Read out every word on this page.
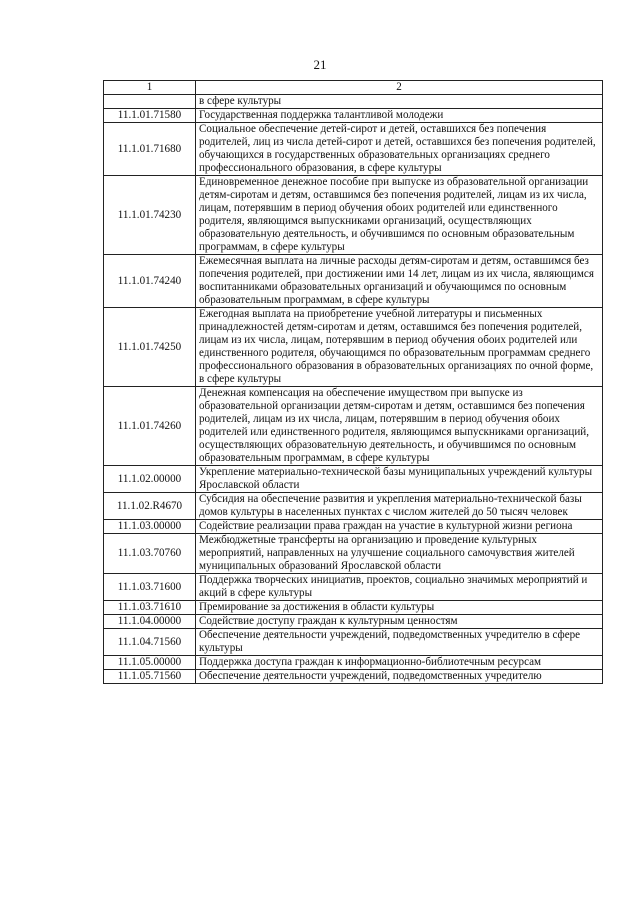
21
1	2
	в сфере культуры
11.1.01.71580	Государственная поддержка талантливой молодежи
11.1.01.71680	Социальное обеспечение детей-сирот и детей, оставшихся без попечения родителей, лиц из числа детей-сирот и детей, оставшихся без попечения родителей, обучающихся в государственных образовательных организациях среднего профессионального образования, в сфере культуры
11.1.01.74230	Единовременное денежное пособие при выпуске из образовательной организации детям-сиротам и детям, оставшимся без попечения родителей, лицам из их числа, лицам, потерявшим в период обучения обоих родителей или единственного родителя, являющимся выпускниками организаций, осуществляющих образовательную деятельность, и обучившимся по основным образовательным программам, в сфере культуры
11.1.01.74240	Ежемесячная выплата на личные расходы детям-сиротам и детям, оставшимся без попечения родителей, при достижении ими 14 лет, лицам из их числа, являющимся воспитанниками образовательных организаций и обучающимся по основным образовательным программам, в сфере культуры
11.1.01.74250	Ежегодная выплата на приобретение учебной литературы и письменных принадлежностей детям-сиротам и детям, оставшимся без попечения родителей, лицам из их числа, лицам, потерявшим в период обучения обоих родителей или единственного родителя, обучающимся по образовательным программам среднего профессионального образования в образовательных организациях по очной форме, в сфере культуры
11.1.01.74260	Денежная компенсация на обеспечение имуществом при выпуске из образовательной организации детям-сиротам и детям, оставшимся без попечения родителей, лицам из их числа, лицам, потерявшим в период обучения обоих родителей или единственного родителя, являющимся выпускниками организаций, осуществляющих образовательную деятельность, и обучившимся по основным образовательным программам, в сфере культуры
11.1.02.00000	Укрепление материально-технической базы муниципальных учреждений культуры Ярославской области
11.1.02.R4670	Субсидия на обеспечение развития и укрепления материально-технической базы домов культуры в населенных пунктах с числом жителей до 50 тысяч человек
11.1.03.00000	Содействие реализации права граждан на участие в культурной жизни региона
11.1.03.70760	Межбюджетные трансферты на организацию и проведение культурных мероприятий, направленных на улучшение социального самочувствия жителей муниципальных образований Ярославской области
11.1.03.71600	Поддержка творческих инициатив, проектов, социально значимых мероприятий и акций в сфере культуры
11.1.03.71610	Премирование за достижения в области культуры
11.1.04.00000	Содействие доступу граждан к культурным ценностям
11.1.04.71560	Обеспечение деятельности учреждений, подведомственных учредителю в сфере культуры
11.1.05.00000	Поддержка доступа граждан к информационно-библиотечным ресурсам
11.1.05.71560	Обеспечение деятельности учреждений, подведомственных учредителю
